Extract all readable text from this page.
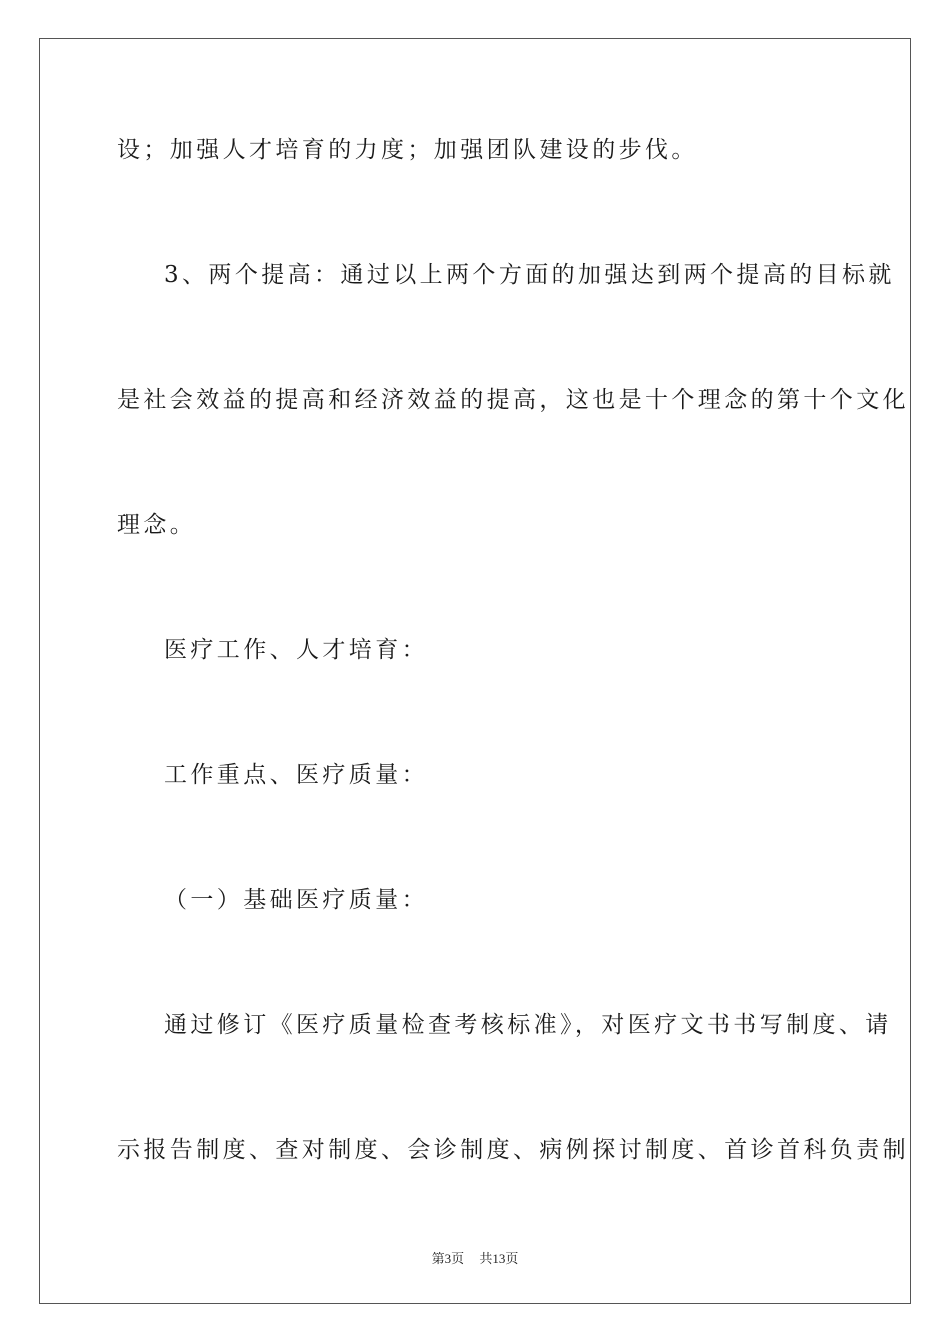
设；加强人才培育的力度；加强团队建设的步伐。
3、两个提高：通过以上两个方面的加强达到两个提高的目标就
是社会效益的提高和经济效益的提高，这也是十个理念的第十个文化
理念。
医疗工作、人才培育：
工作重点、医疗质量：
（一）基础医疗质量：
通过修订《医疗质量检查考核标准》，对医疗文书书写制度、请
示报告制度、查对制度、会诊制度、病例探讨制度、首诊首科负责制
第3页 共13页
